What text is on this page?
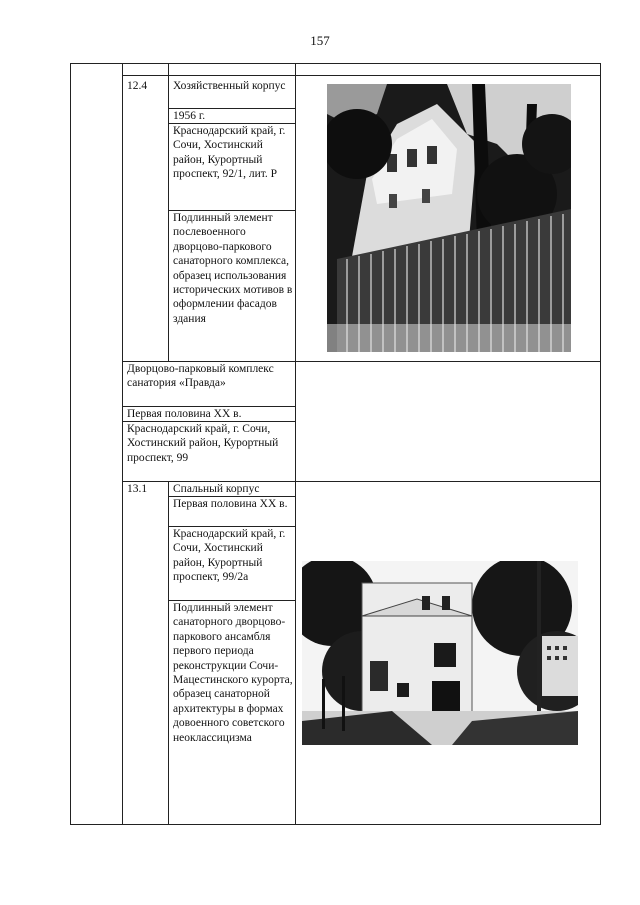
157
12.4	Хозяйственный корпус
1956 г.
Краснодарский край, г. Сочи, Хостинский район, Курортный проспект, 92/1, лит. Р
Подлинный элемент послевоенного дворцово-паркового санаторного комплекса, образец использования исторических мотивов в оформлении фасадов здания
Дворцово-парковый комплекс санатория «Правда»
Первая половина XX в.
Краснодарский край, г. Сочи, Хостинский район, Курортный проспект, 99
13.1	Спальный корпус
Первая половина XX в.
Краснодарский край, г. Сочи, Хостинский район, Курортный проспект, 99/2а
Подлинный элемент санаторного дворцово-паркового ансамбля первого периода реконструкции Сочи-Мацестинского курорта, образец санаторной архитектуры в формах довоенного советского неоклассицизма
